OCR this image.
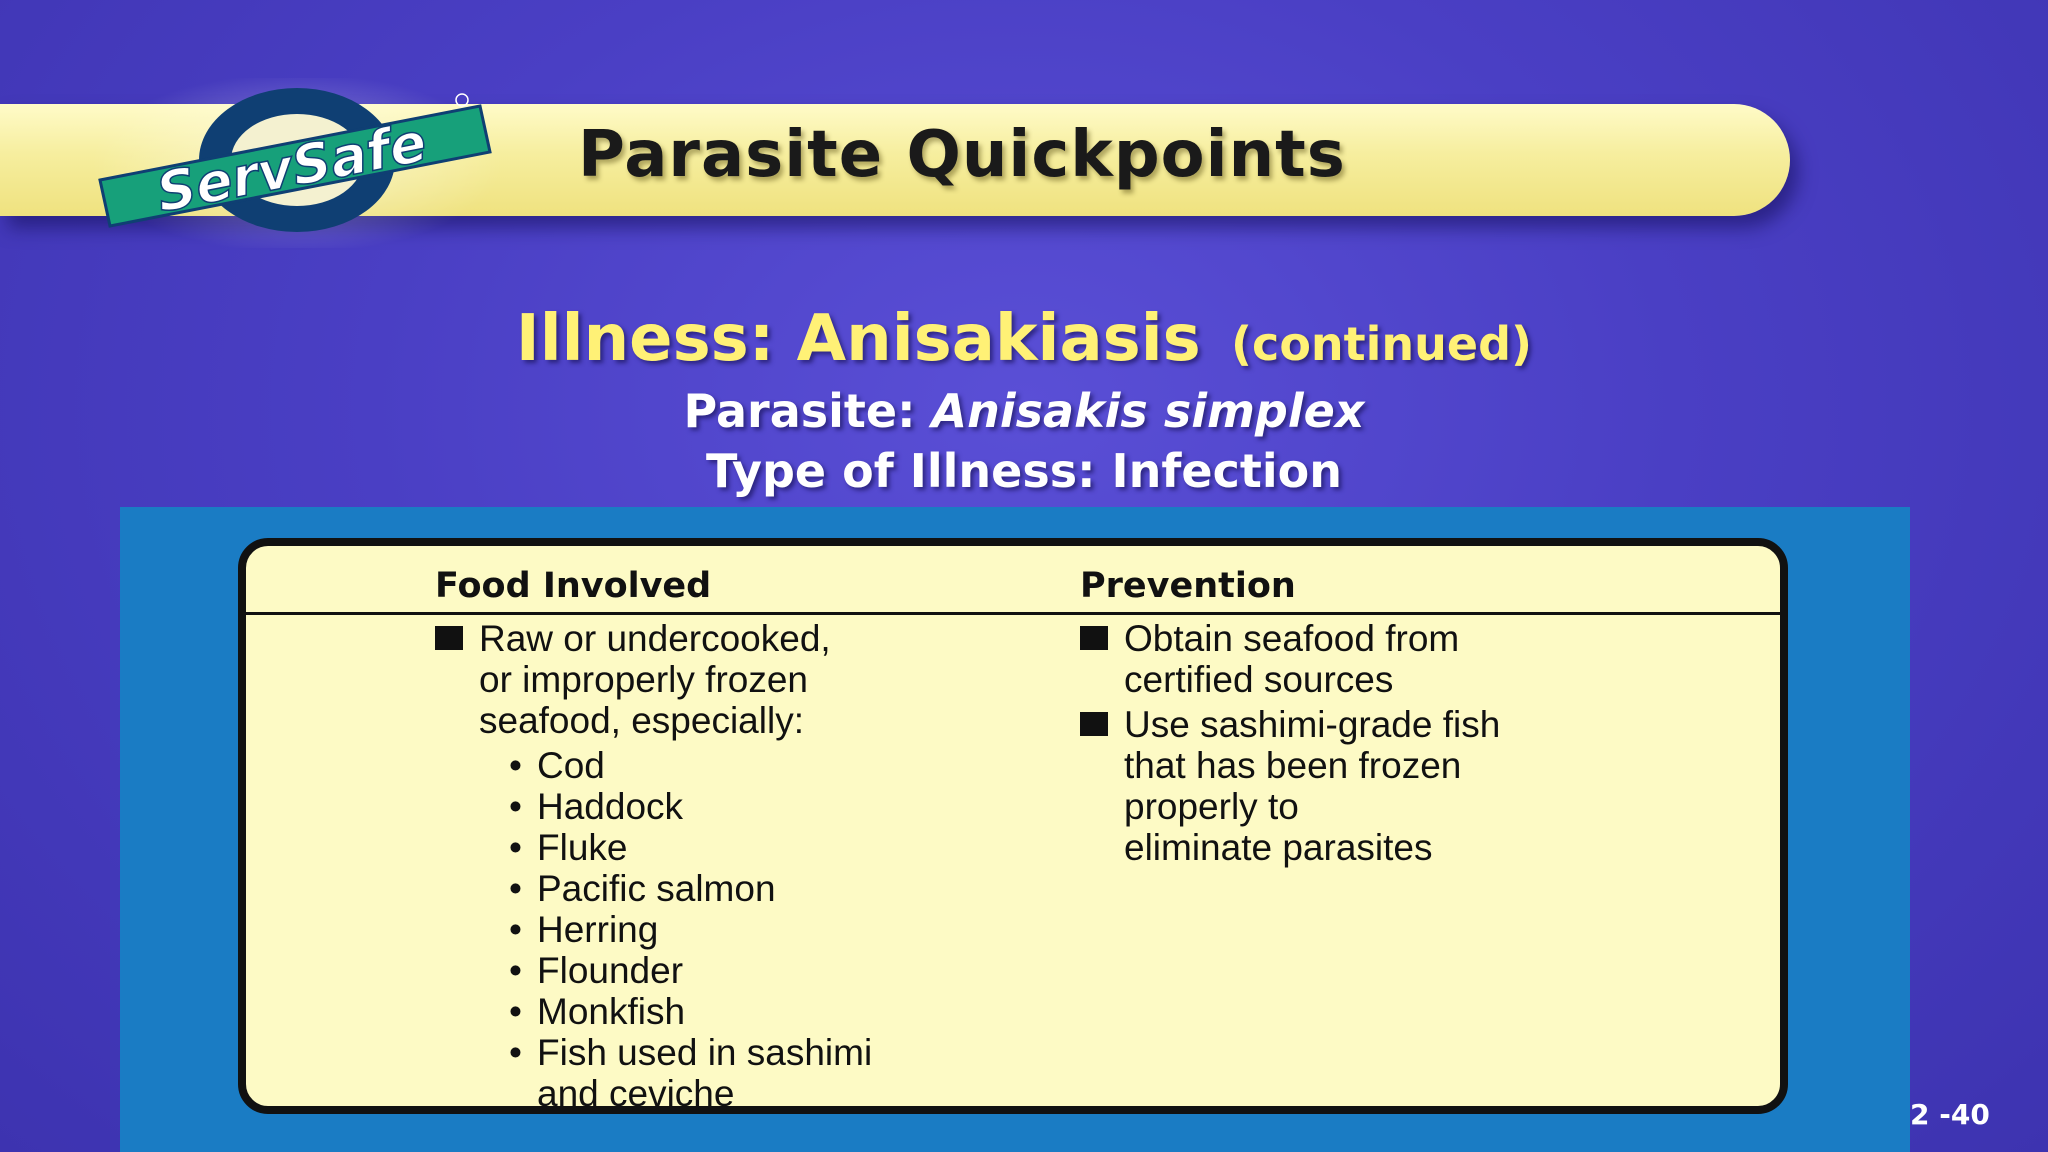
ServSafe Parasite Quickpoints
Illness: Anisakiasis (continued)
Parasite: Anisakis simplex
Type of Illness: Infection
Food Involved	Prevention
Raw or undercooked,
or improperly frozen
seafood, especially:
• Cod
• Haddock
• Fluke
• Pacific salmon
• Herring
• Flounder
• Monkfish
• Fish used in sashimi
and ceviche
Obtain seafood from
certified sources
Use sashimi-grade fish
that has been frozen
properly to
eliminate parasites
2 -40
